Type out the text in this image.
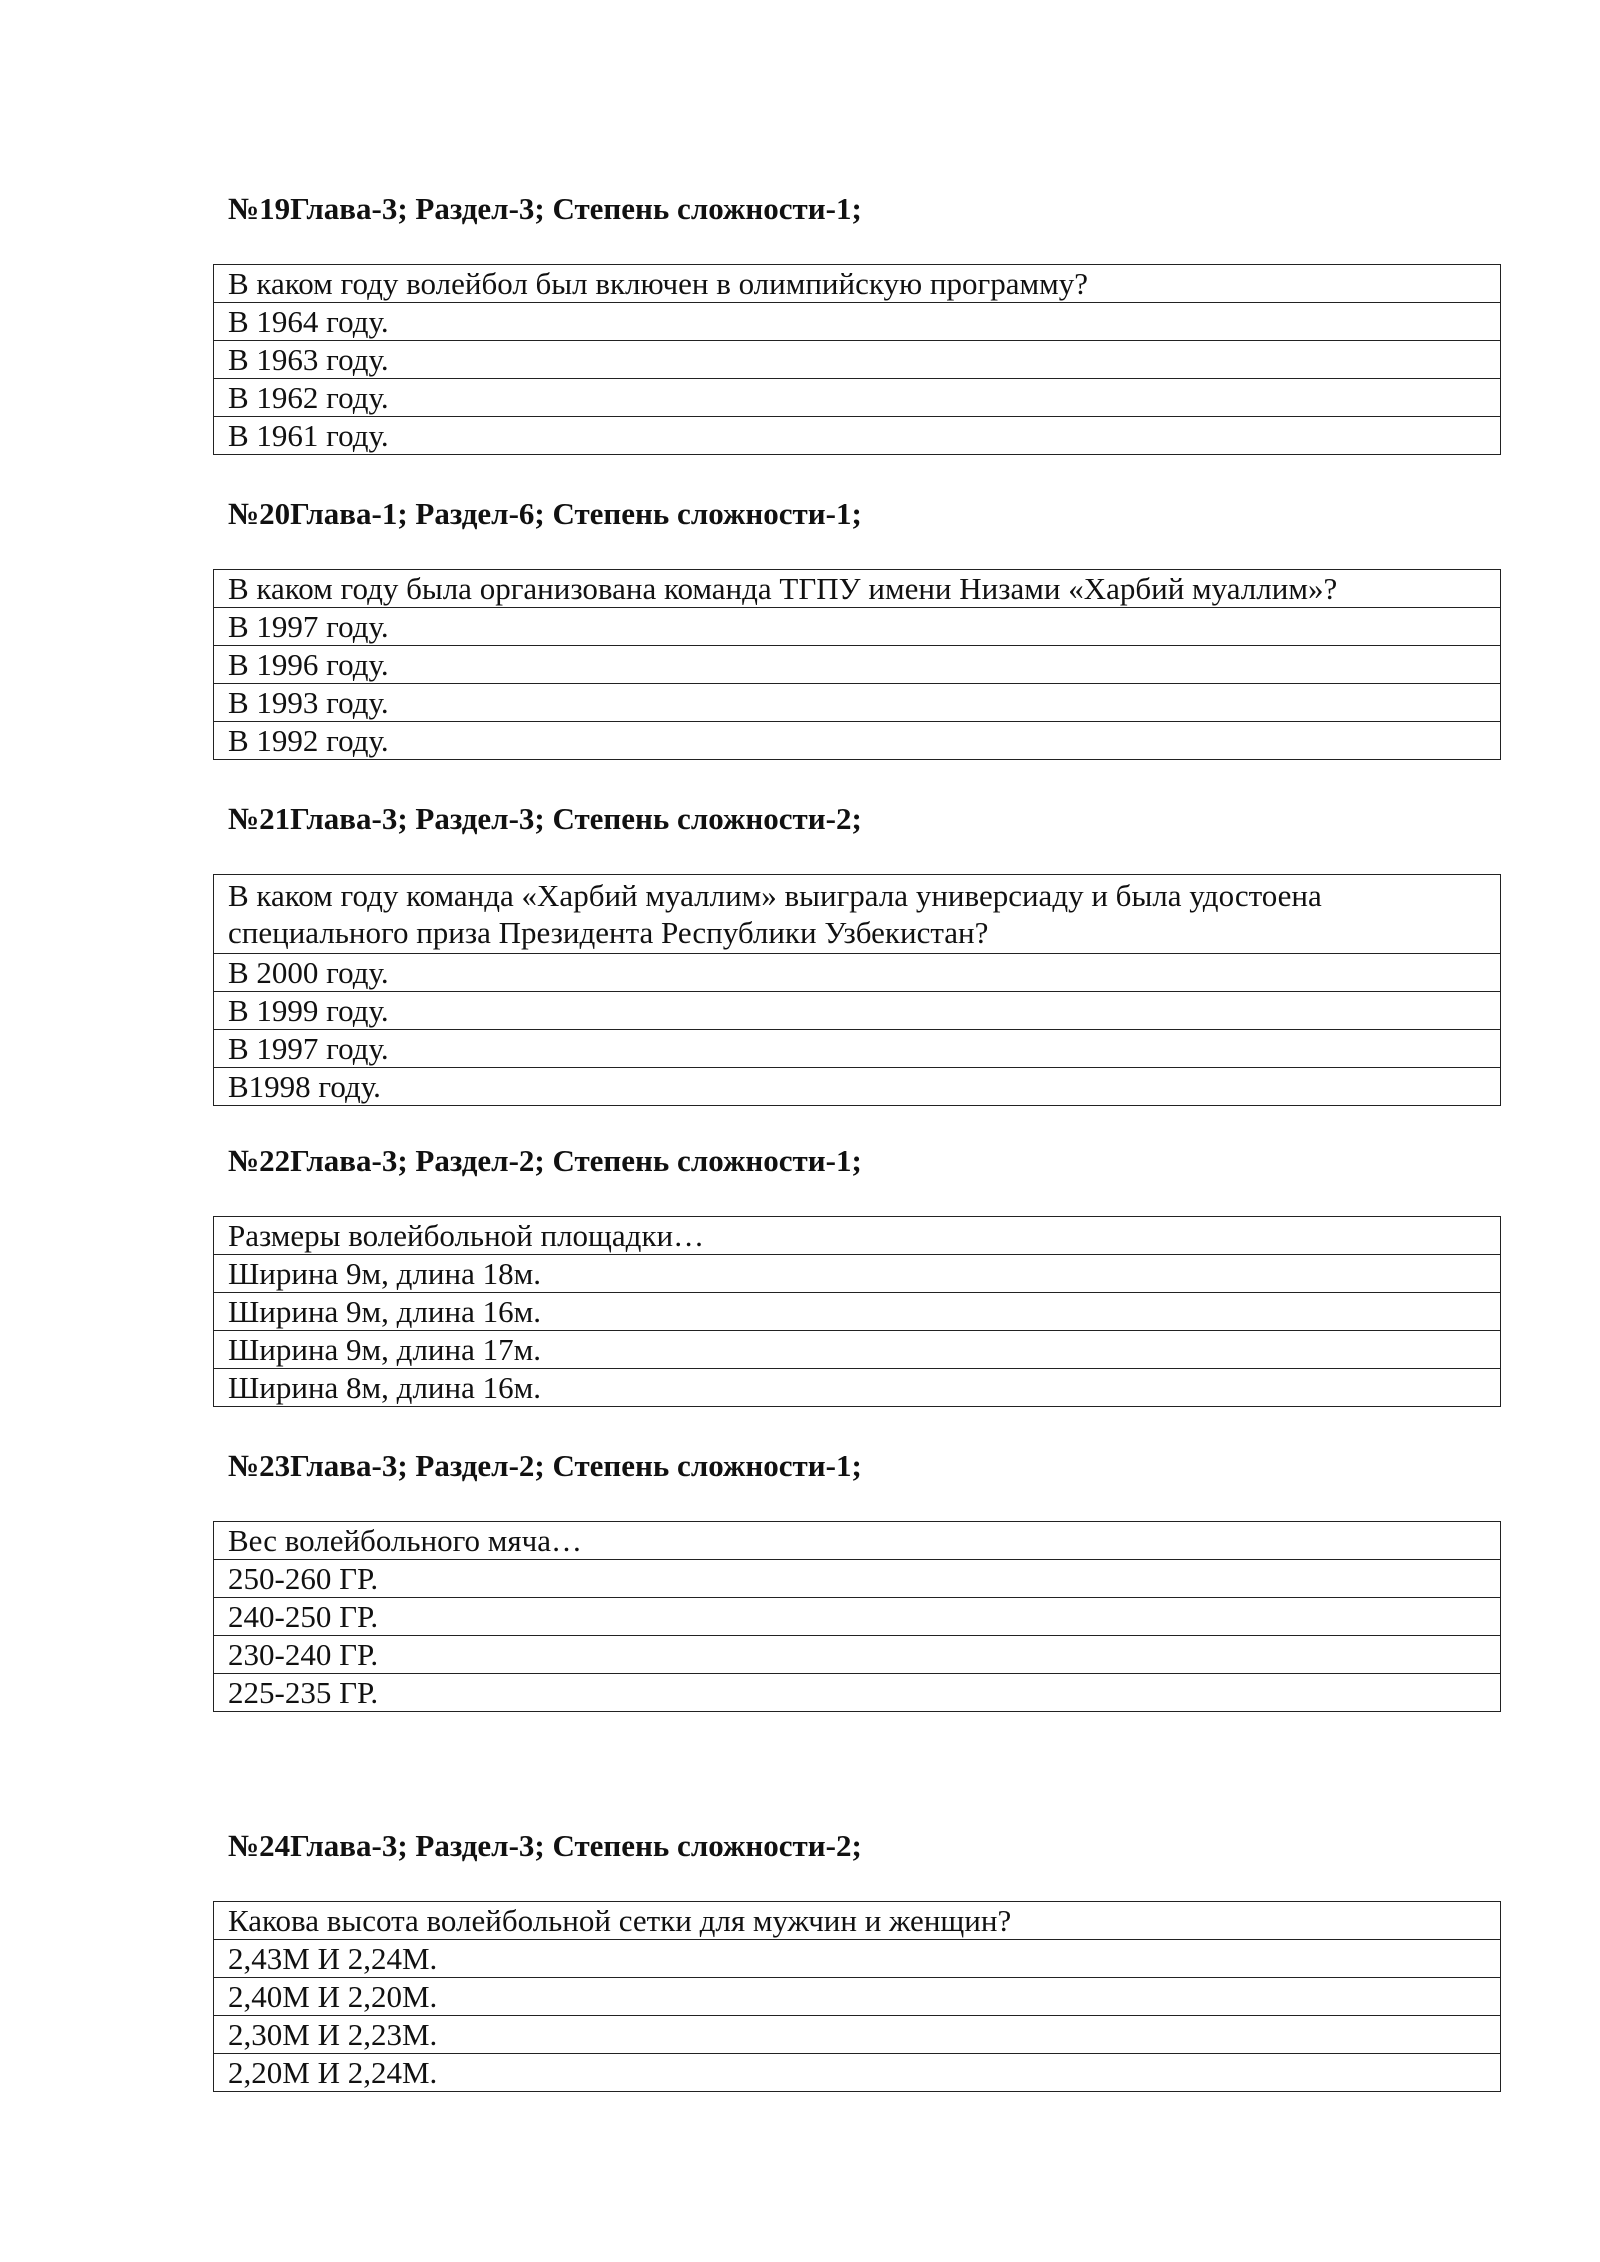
№19Глава-3; Раздел-3; Степень сложности-1;
В каком году волейбол был включен в олимпийскую программу?
В 1964 году.
В 1963 году.
В 1962 году.
В 1961 году.
№20Глава-1; Раздел-6; Степень сложности-1;
В каком году была организована команда ТГПУ имени Низами «Харбий муаллим»?
В 1997 году.
В 1996 году.
В 1993 году.
В 1992 году.
№21Глава-3; Раздел-3; Степень сложности-2;
В каком году команда «Харбий муаллим» выиграла универсиаду и была удостоена специального приза Президента Республики Узбекистан?
В 2000 году.
В 1999 году.
В 1997 году.
В1998 году.
№22Глава-3; Раздел-2; Степень сложности-1;
Размеры волейбольной площадки…
Ширина 9м, длина 18м.
Ширина 9м, длина 16м.
Ширина 9м, длина 17м.
Ширина 8м, длина 16м.
№23Глава-3; Раздел-2; Степень сложности-1;
Вес волейбольного мяча…
250-260 ГР.
240-250 ГР.
230-240 ГР.
225-235 ГР.
№24Глава-3; Раздел-3; Степень сложности-2;
Какова высота волейбольной сетки для мужчин и женщин?
2,43М И 2,24М.
2,40М И 2,20М.
2,30М И 2,23М.
2,20М И 2,24М.
